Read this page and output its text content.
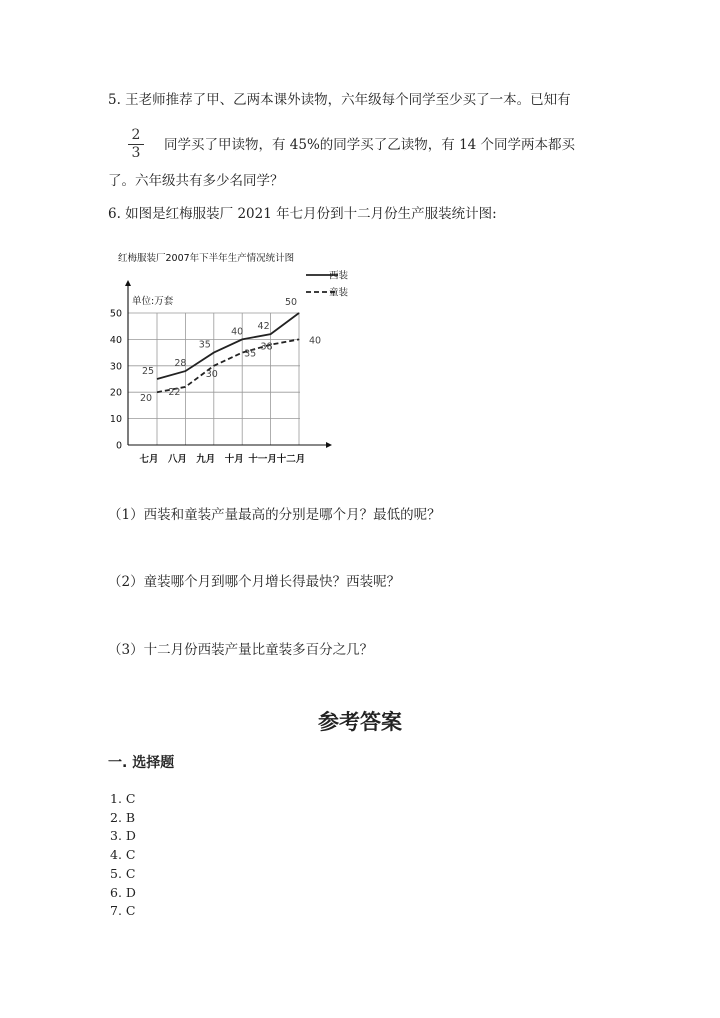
5. 王老师推荐了甲、乙两本课外读物，六年级每个同学至少买了一本。已知有
2
3 同学买了甲读物，有 45%的同学买了乙读物，有 14 个同学两本都买
了。六年级共有多少名同学？
6. 如图是红梅服装厂 2021 年七月份到十二月份生产服装统计图:
红梅服装厂2007年下半年生产情况统计图
单位:万套
0
10
20
30
40
50
七月 八月 九月 十月 十一月 十二月
25
28
35
40 42
50
20
22
30
35
38
40
西装
童装
（1）西装和童装产量最高的分别是哪个月？最低的呢？
（2）童装哪个月到哪个月增长得最快？西装呢？
（3）十二月份西装产量比童装多百分之几？
参考答案
一. 选择题
1. C
2. B
3. D
4. C
5. C
6. D
7. C
